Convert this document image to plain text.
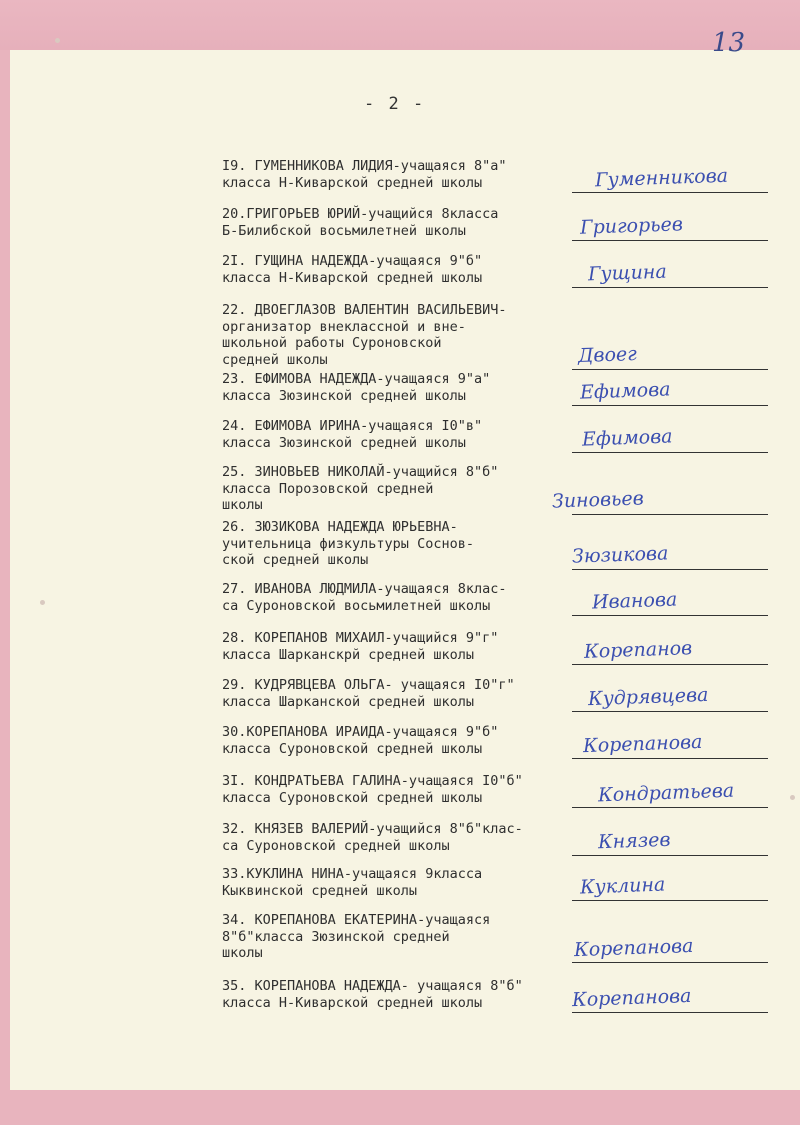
13
- 2 -
I9. ГУМЕННИКОВА ЛИДИЯ-учащаяся 8"а"
класса Н-Киварской средней школы	Гуменникова
20.ГРИГОРЬЕВ ЮРИЙ-учащийся 8класса
Б-Билибской восьмилетней школы	Григорьев
2I. ГУЩИНА НАДЕЖДА-учащаяся 9"б"
класса Н-Киварской средней школы	Гущина
22. ДВОЕГЛАЗОВ ВАЛЕНТИН ВАСИЛЬЕВИЧ-
организатор внеклассной и вне-
школьной работы Суроновской
средней школы	Двоег
23. ЕФИМОВА НАДЕЖДА-учащаяся 9"а"
класса Зюзинской средней школы	Ефимова
24. ЕФИМОВА ИРИНА-учащаяся I0"в"
класса Зюзинской средней школы	Ефимова
25. ЗИНОВЬЕВ НИКОЛАЙ-учащийся 8"б"
класса Порозовской средней
школы	Зиновьев
26. ЗЮЗИКОВА НАДЕЖДА ЮРЬЕВНА-
учительница физкультуры Соснов-
ской средней школы	Зюзикова
27. ИВАНОВА ЛЮДМИЛА-учащаяся 8клас-
са Суроновской восьмилетней школы	Иванова
28. КОРЕПАНОВ МИХАИЛ-учащийся 9"г"
класса Шарканскрй средней школы	Корепанов
29. КУДРЯВЦЕВА ОЛЬГА- учащаяся I0"г"
класса Шарканской средней школы	Кудрявцева
30.КОРЕПАНОВА ИРАИДА-учащаяся 9"б"
класса Суроновской средней школы	Корепанова
3I. КОНДРАТЬЕВА ГАЛИНА-учащаяся I0"б"
класса Суроновской средней школы	Кондратьева
32. КНЯЗЕВ ВАЛЕРИЙ-учащийся 8"б"клас-
са Суроновской средней школы	Князев
33.КУКЛИНА НИНА-учащаяся 9класса
Кыквинской средней школы	Куклина
34. КОРЕПАНОВА ЕКАТЕРИНА-учащаяся
8"б"класса Зюзинской средней
школы	Корепанова
35. КОРЕПАНОВА НАДЕЖДА- учащаяся 8"б"
класса Н-Киварской средней школы	Корепанова
